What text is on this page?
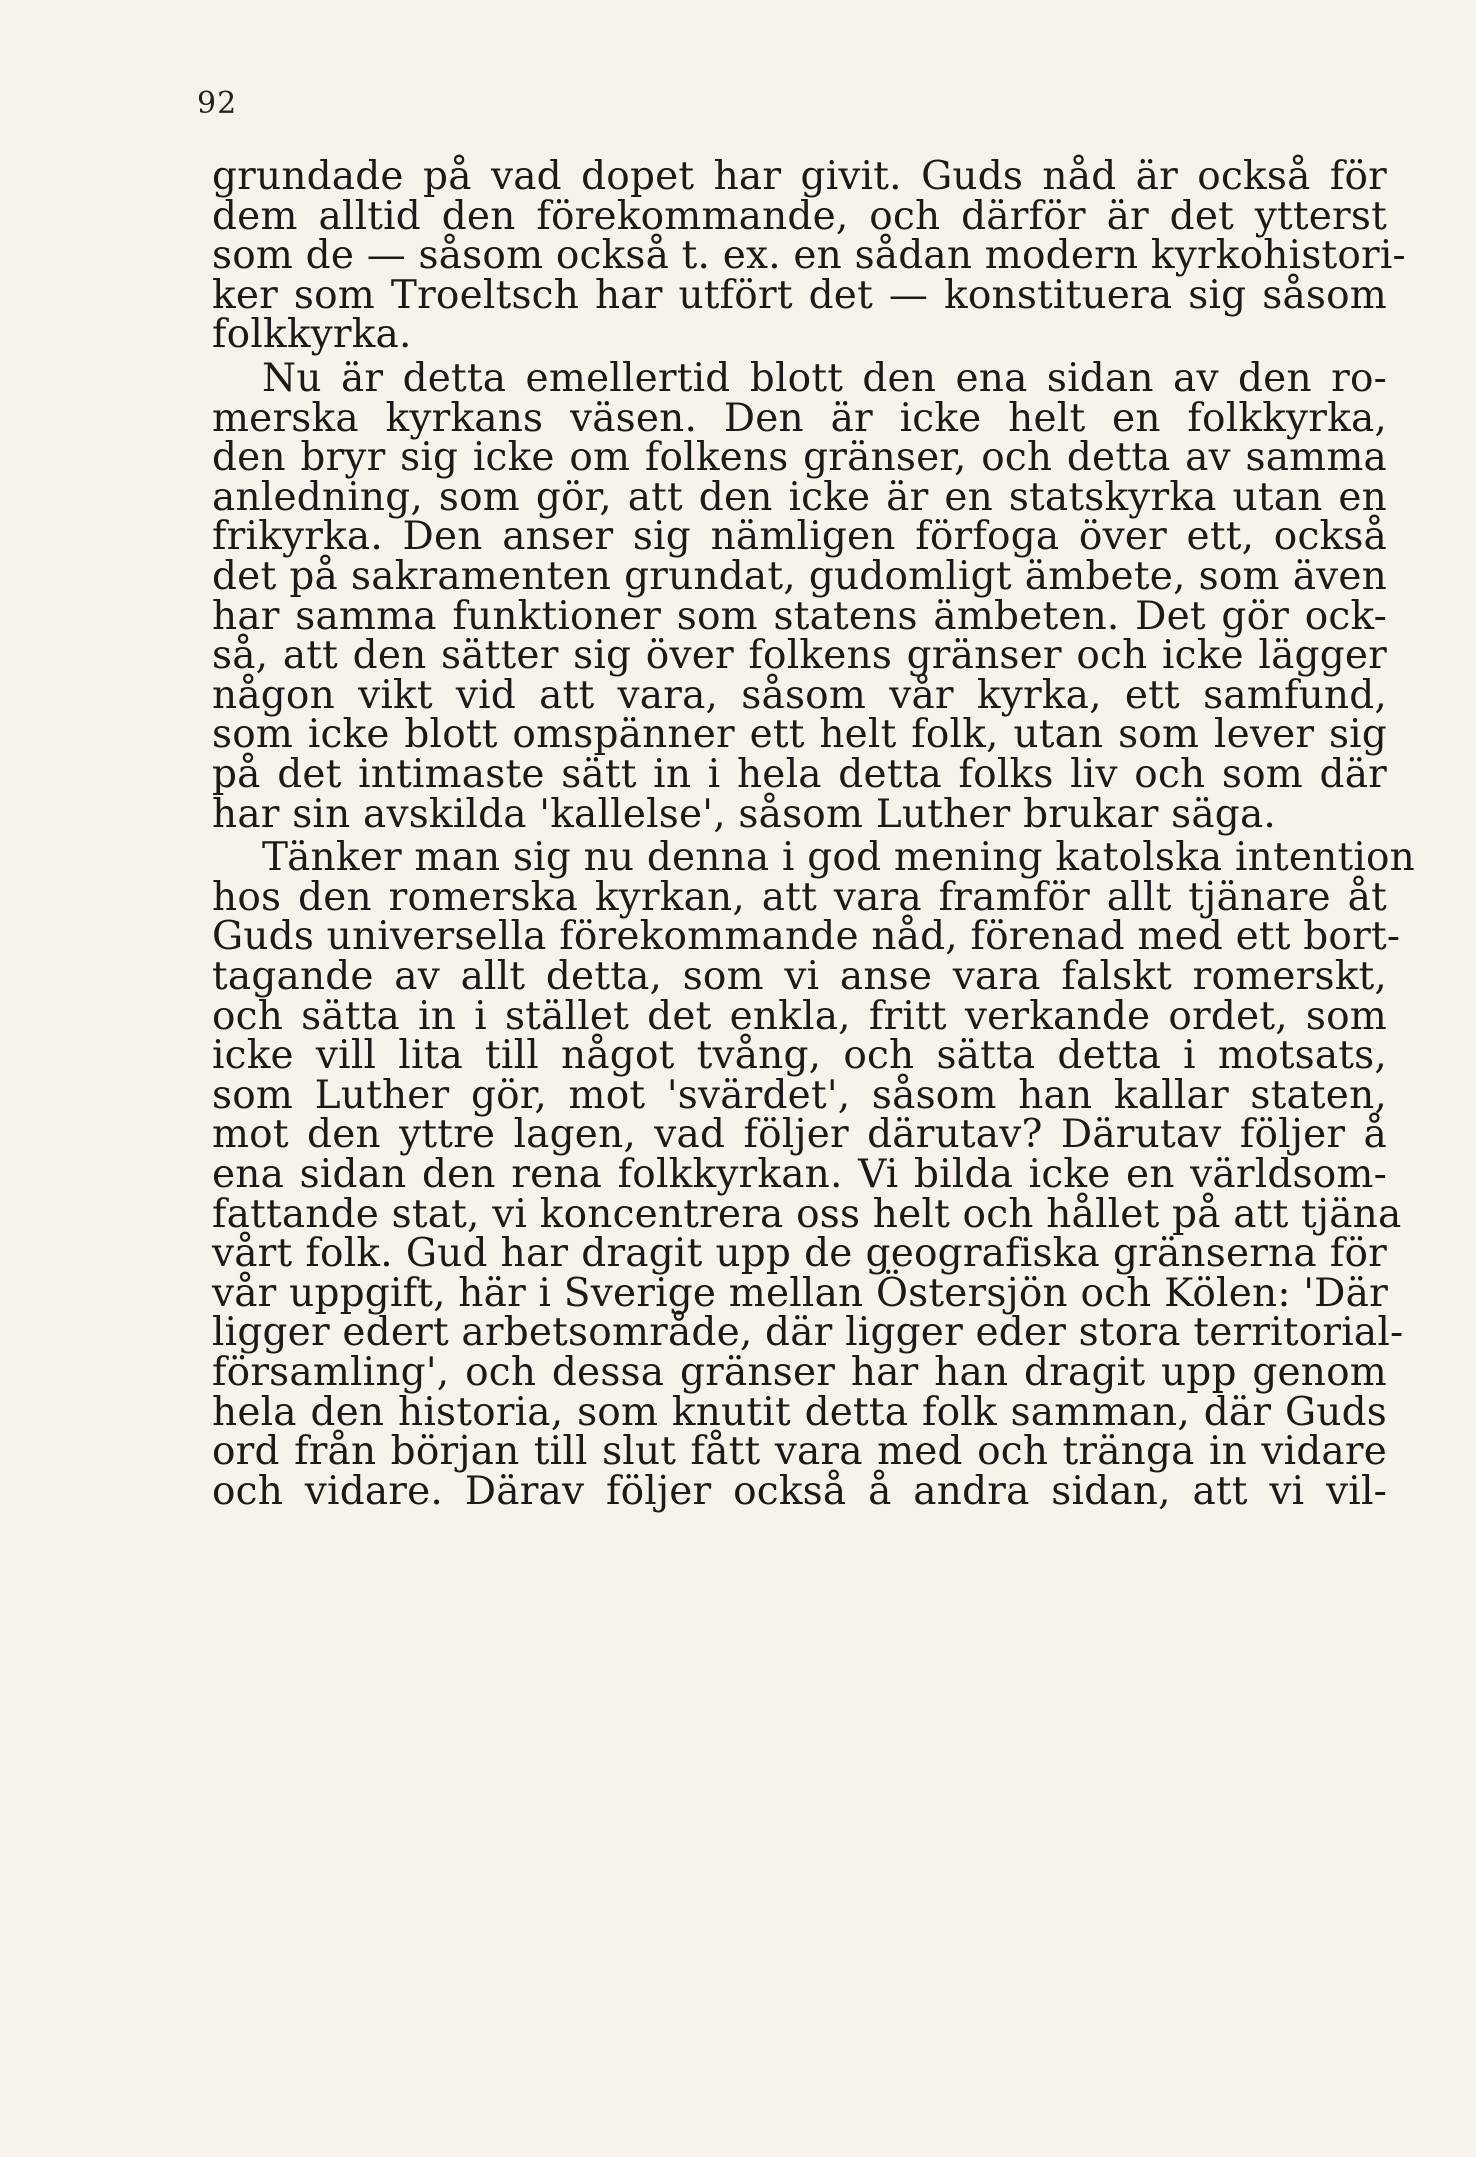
92
grundade på vad dopet har givit. Guds nåd är också för
dem alltid den förekommande, och därför är det ytterst
som de — såsom också t. ex. en sådan modern kyrkohistori-
ker som Troeltsch har utfört det — konstituera sig såsom
folkkyrka.
Nu är detta emellertid blott den ena sidan av den ro-
merska kyrkans väsen. Den är icke helt en folkkyrka,
den bryr sig icke om folkens gränser, och detta av samma
anledning, som gör, att den icke är en statskyrka utan en
frikyrka. Den anser sig nämligen förfoga över ett, också
det på sakramenten grundat, gudomligt ämbete, som även
har samma funktioner som statens ämbeten. Det gör ock-
så, att den sätter sig över folkens gränser och icke lägger
någon vikt vid att vara, såsom vår kyrka, ett samfund,
som icke blott omspänner ett helt folk, utan som lever sig
på det intimaste sätt in i hela detta folks liv och som där
har sin avskilda 'kallelse', såsom Luther brukar säga.
Tänker man sig nu denna i god mening katolska intention
hos den romerska kyrkan, att vara framför allt tjänare åt
Guds universella förekommande nåd, förenad med ett bort-
tagande av allt detta, som vi anse vara falskt romerskt,
och sätta in i stället det enkla, fritt verkande ordet, som
icke vill lita till något tvång, och sätta detta i motsats,
som Luther gör, mot 'svärdet', såsom han kallar staten,
mot den yttre lagen, vad följer därutav? Därutav följer å
ena sidan den rena folkkyrkan. Vi bilda icke en världsom-
fattande stat, vi koncentrera oss helt och hållet på att tjäna
vårt folk. Gud har dragit upp de geografiska gränserna för
vår uppgift, här i Sverige mellan Östersjön och Kölen: 'Där
ligger edert arbetsområde, där ligger eder stora territorial-
församling', och dessa gränser har han dragit upp genom
hela den historia, som knutit detta folk samman, där Guds
ord från början till slut fått vara med och tränga in vidare
och vidare. Därav följer också å andra sidan, att vi vil-
